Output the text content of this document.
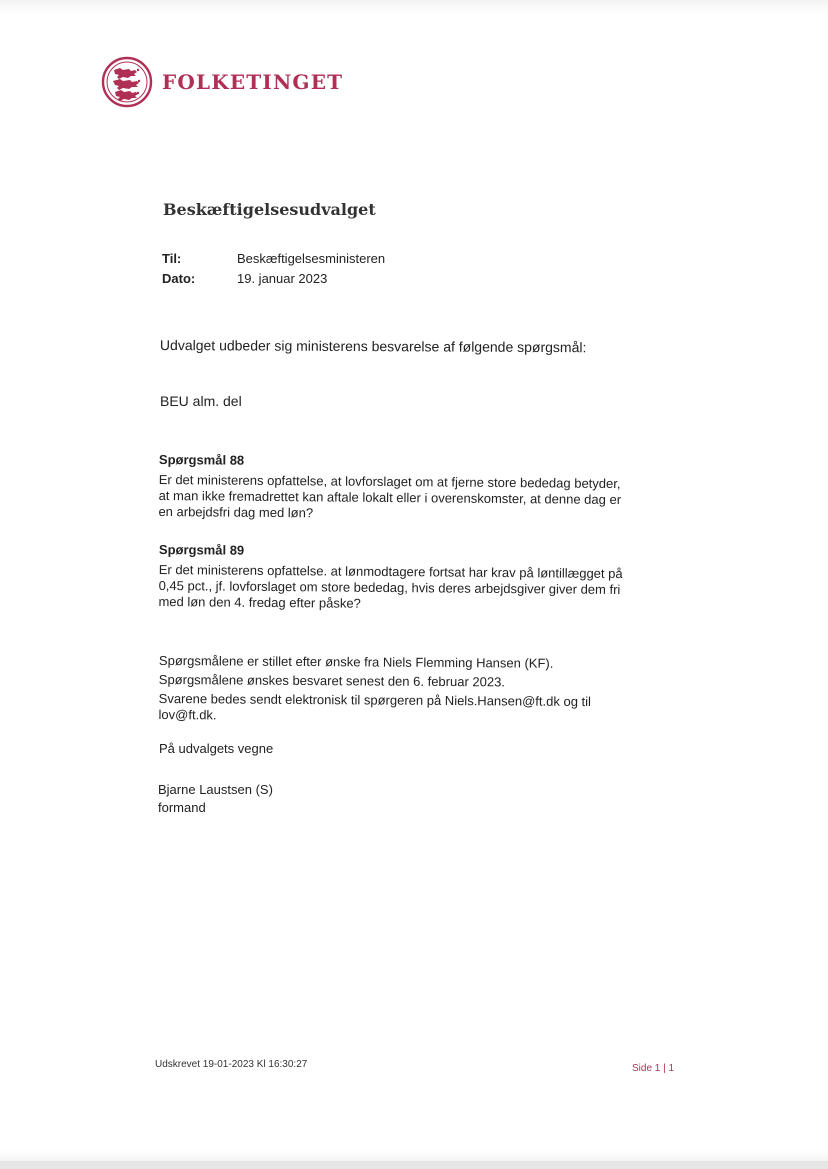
FOLKETINGET
Beskæftigelsesudvalget
Til:	Beskæftigelsesministeren
Dato:	19. januar 2023
Udvalget udbeder sig ministerens besvarelse af følgende spørgsmål:
BEU alm. del
Spørgsmål 88
Er det ministerens opfattelse, at lovforslaget om at fjerne store bededag betyder, at man ikke fremadrettet kan aftale lokalt eller i overenskomster, at denne dag er en arbejdsfri dag med løn?
Spørgsmål 89
Er det ministerens opfattelse. at lønmodtagere fortsat har krav på løntillægget på 0,45 pct., jf. lovforslaget om store bededag, hvis deres arbejdsgiver giver dem fri med løn den 4. fredag efter påske?

Spørgsmålene er stillet efter ønske fra Niels Flemming Hansen (KF).

Spørgsmålene ønskes besvaret senest den 6. februar 2023.

Svarene bedes sendt elektronisk til spørgeren på Niels.Hansen@ft.dk og til lov@ft.dk.

På udvalgets vegne
Bjarne Laustsen (S)
formand
Udskrevet 19-01-2023 Kl 16:30:27	Side 1 | 1
